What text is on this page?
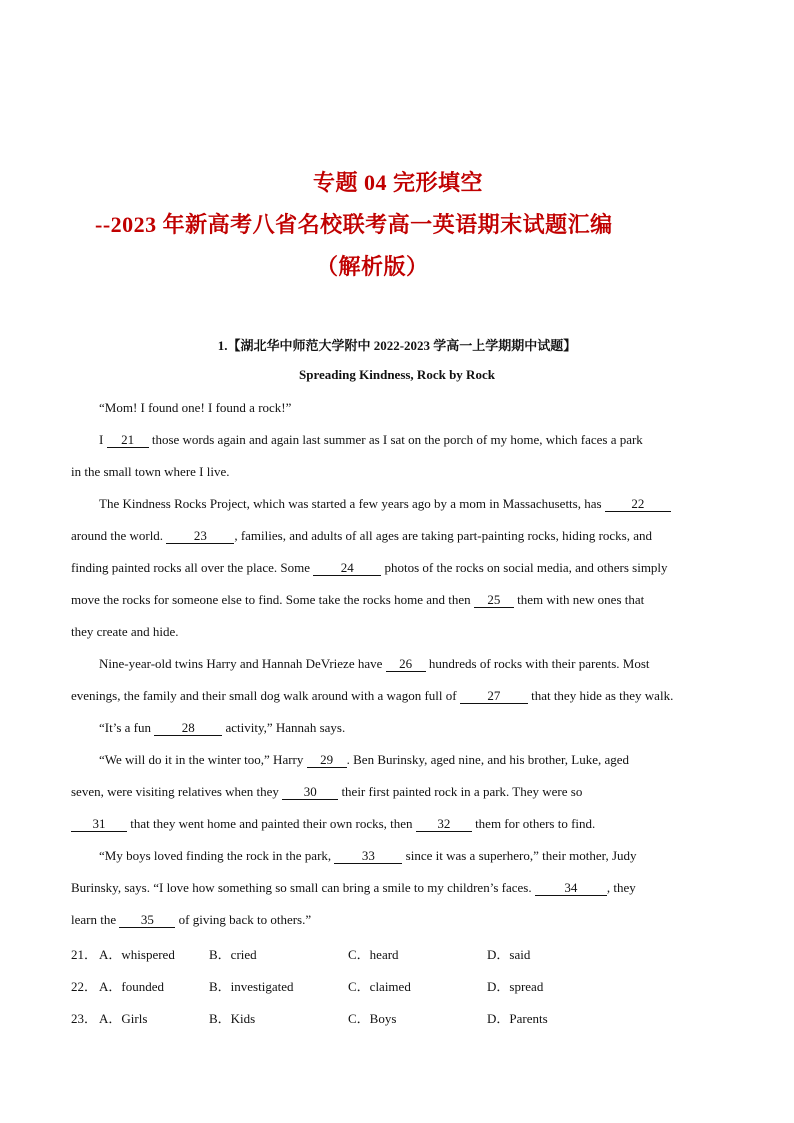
专题 04 完形填空
--2023 年新高考八省名校联考高一英语期末试题汇编
（解析版）
1.【湖北华中师范大学附中 2022-2023 学高一上学期期中试题】
Spreading Kindness, Rock by Rock
“Mom! I found one! I found a rock!”
I 21 those words again and again last summer as I sat on the porch of my home, which faces a park
in the small town where I live.
The Kindness Rocks Project, which was started a few years ago by a mom in Massachusetts, has 22
around the world. 23 , families, and adults of all ages are taking part-painting rocks, hiding rocks, and
finding painted rocks all over the place. Some 24 photos of the rocks on social media, and others simply
move the rocks for someone else to find. Some take the rocks home and then 25 them with new ones that
they create and hide.
Nine-year-old twins Harry and Hannah DeVrieze have 26 hundreds of rocks with their parents. Most
evenings, the family and their small dog walk around with a wagon full of 27 that they hide as they walk.
“It’s a fun 28 activity,” Hannah says.
“We will do it in the winter too,” Harry 29 . Ben Burinsky, aged nine, and his brother, Luke, aged
seven, were visiting relatives when they 30 their first painted rock in a park. They were so
31 that they went home and painted their own rocks, then 32 them for others to find.
“My boys loved finding the rock in the park, 33 since it was a superhero,” their mother, Judy
Burinsky, says. “I love how something so small can bring a smile to my children’s faces. 34 , they
learn the 35 of giving back to others.”
21． A．whispered	B．cried	C．heard	D．said
22． A．founded	B．investigated	C．claimed	D．spread
23． A．Girls	B．Kids	C．Boys	D．Parents
